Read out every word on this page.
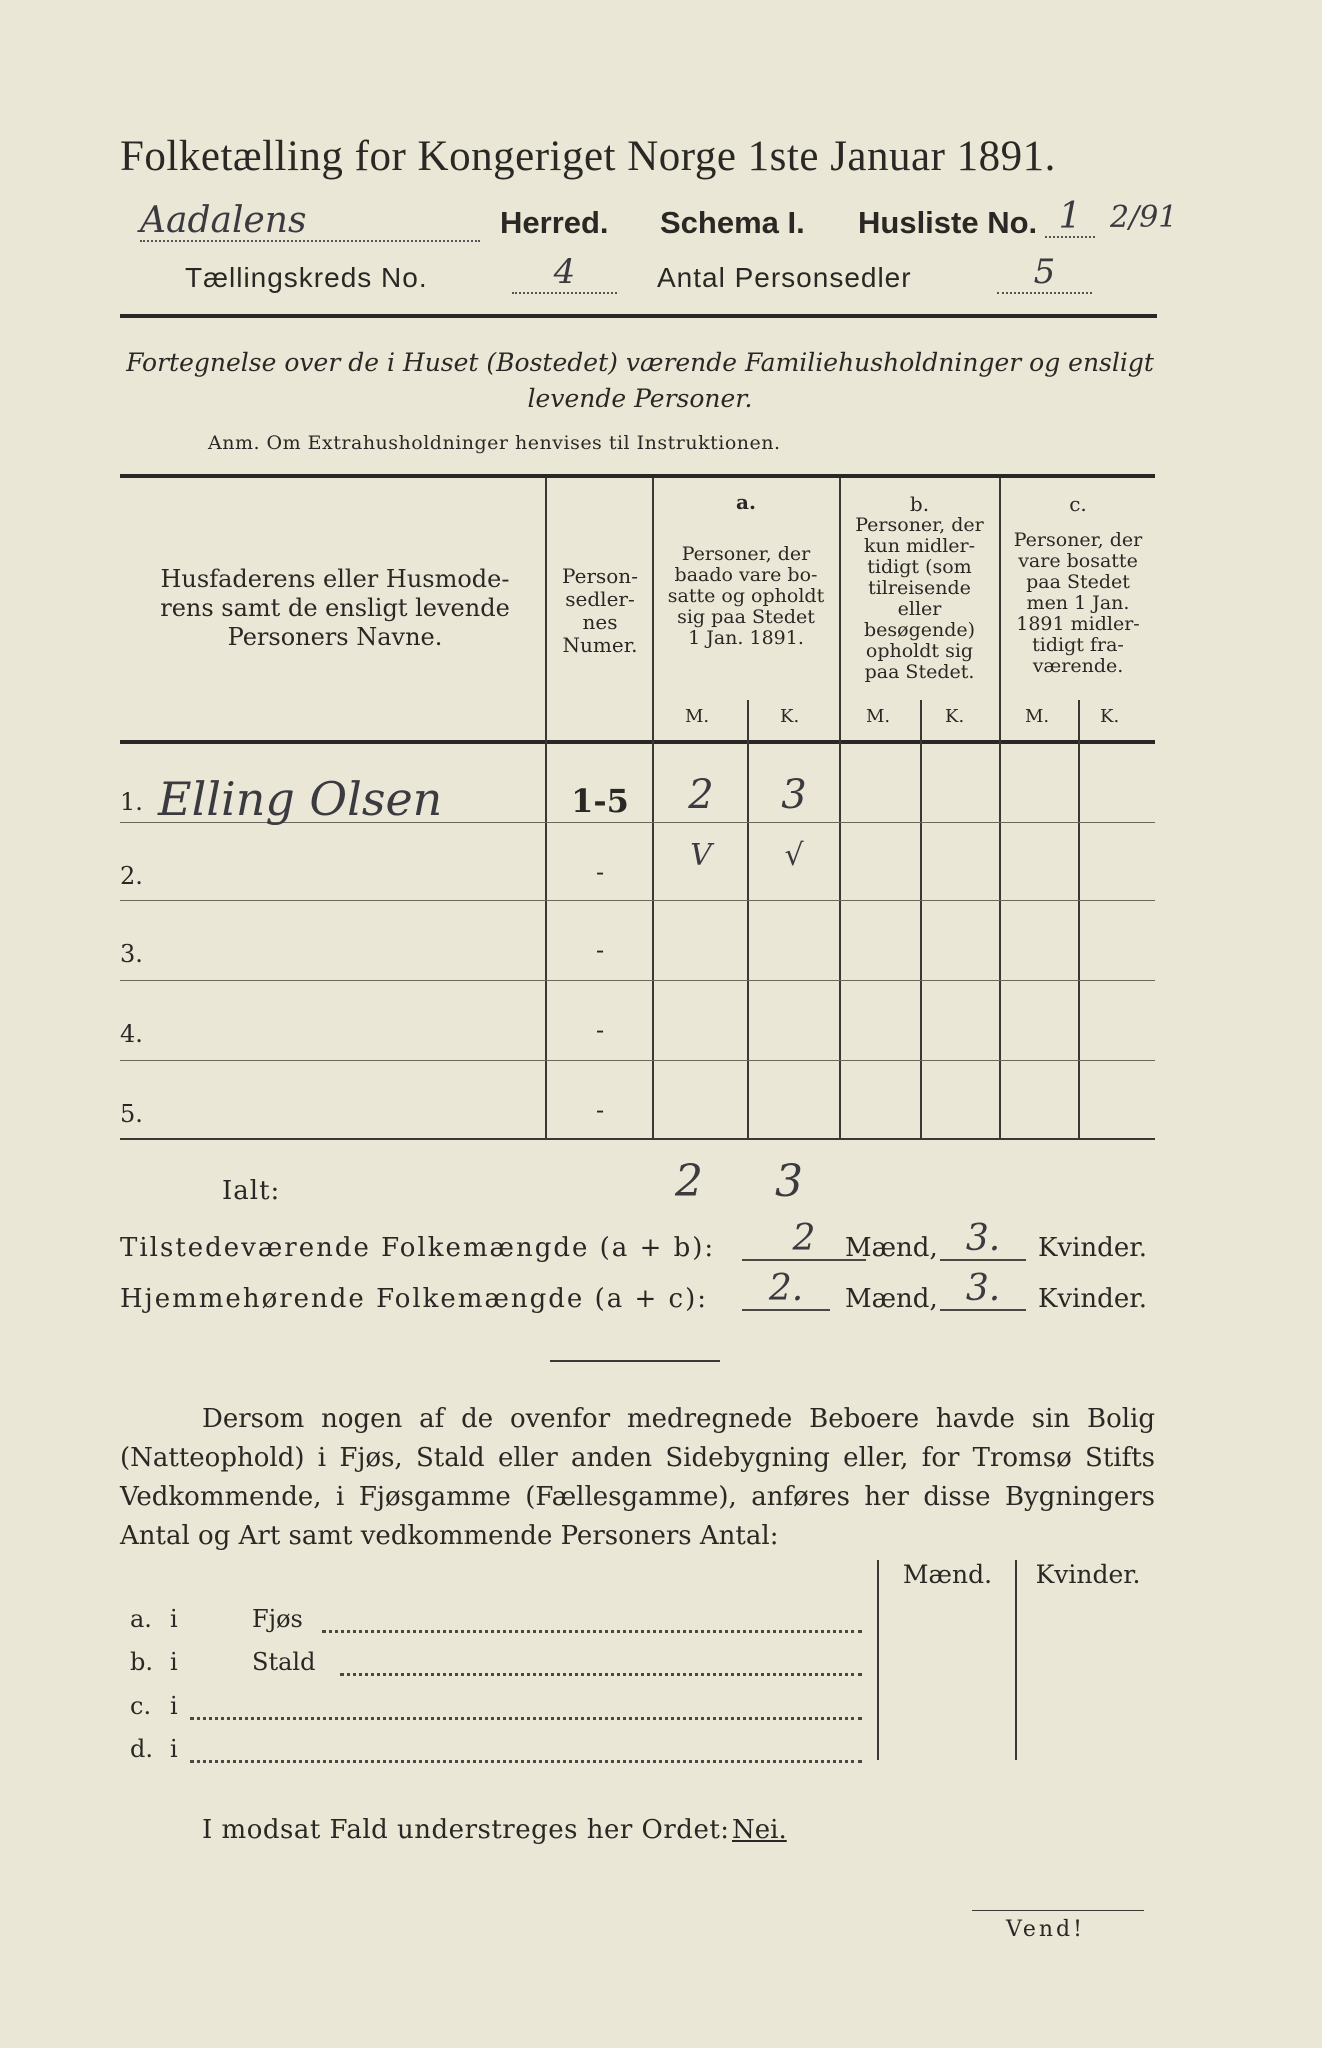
Folketælling for Kongeriget Norge 1ste Januar 1891.
Aadalens	Herred. Schema I. Husliste No. 1 2/91
Tællingskreds No.	4	Antal Personsedler	5
Fortegnelse over de i Huset (Bostedet) værende Familiehusholdninger og ensligt
levende Personer.
Anm. Om Extrahusholdninger henvises til Instruktionen.
Husfaderens eller Husmode-
rens samt de ensligt levende
Personers Navne.
Person-
sedler-
nes
Numer.
a.
Personer, der
baado vare bo-
satte og opholdt
sig paa Stedet
1 Jan. 1891.
b.
Personer, der
kun midler-
tidigt (som
tilreisende
eller
besøgende)
opholdt sig
paa Stedet.
c.
Personer, der
vare bosatte
paa Stedet
men 1 Jan.
1891 midler-
tidigt fra-
værende.
M.	K.	M.	K.	M.	K.
1. Elling Olsen	1-5	2	3
2.	-	V	√
3.	-
4.	-
5.	-
Ialt:	2 3
Tilstedeværende Folkemængde (a + b):	2	Mænd, 3.	Kvinder.
Hjemmehørende Folkemængde (a + c):	2.	Mænd, 3.	Kvinder.
Dersom nogen af de ovenfor medregnede Beboere havde sin Bolig (Natteophold) i Fjøs, Stald eller anden Sidebygning eller, for Tromsø Stifts Vedkommende, i Fjøsgamme (Fællesgamme), anføres her disse Bygningers Antal og Art samt vedkommende Personers Antal:
Mænd.	Kvinder.
a. i	Fjøs
b. i	Stald
c. i
d. i
I modsat Fald understreges her Ordet: Nei.
Vend!
